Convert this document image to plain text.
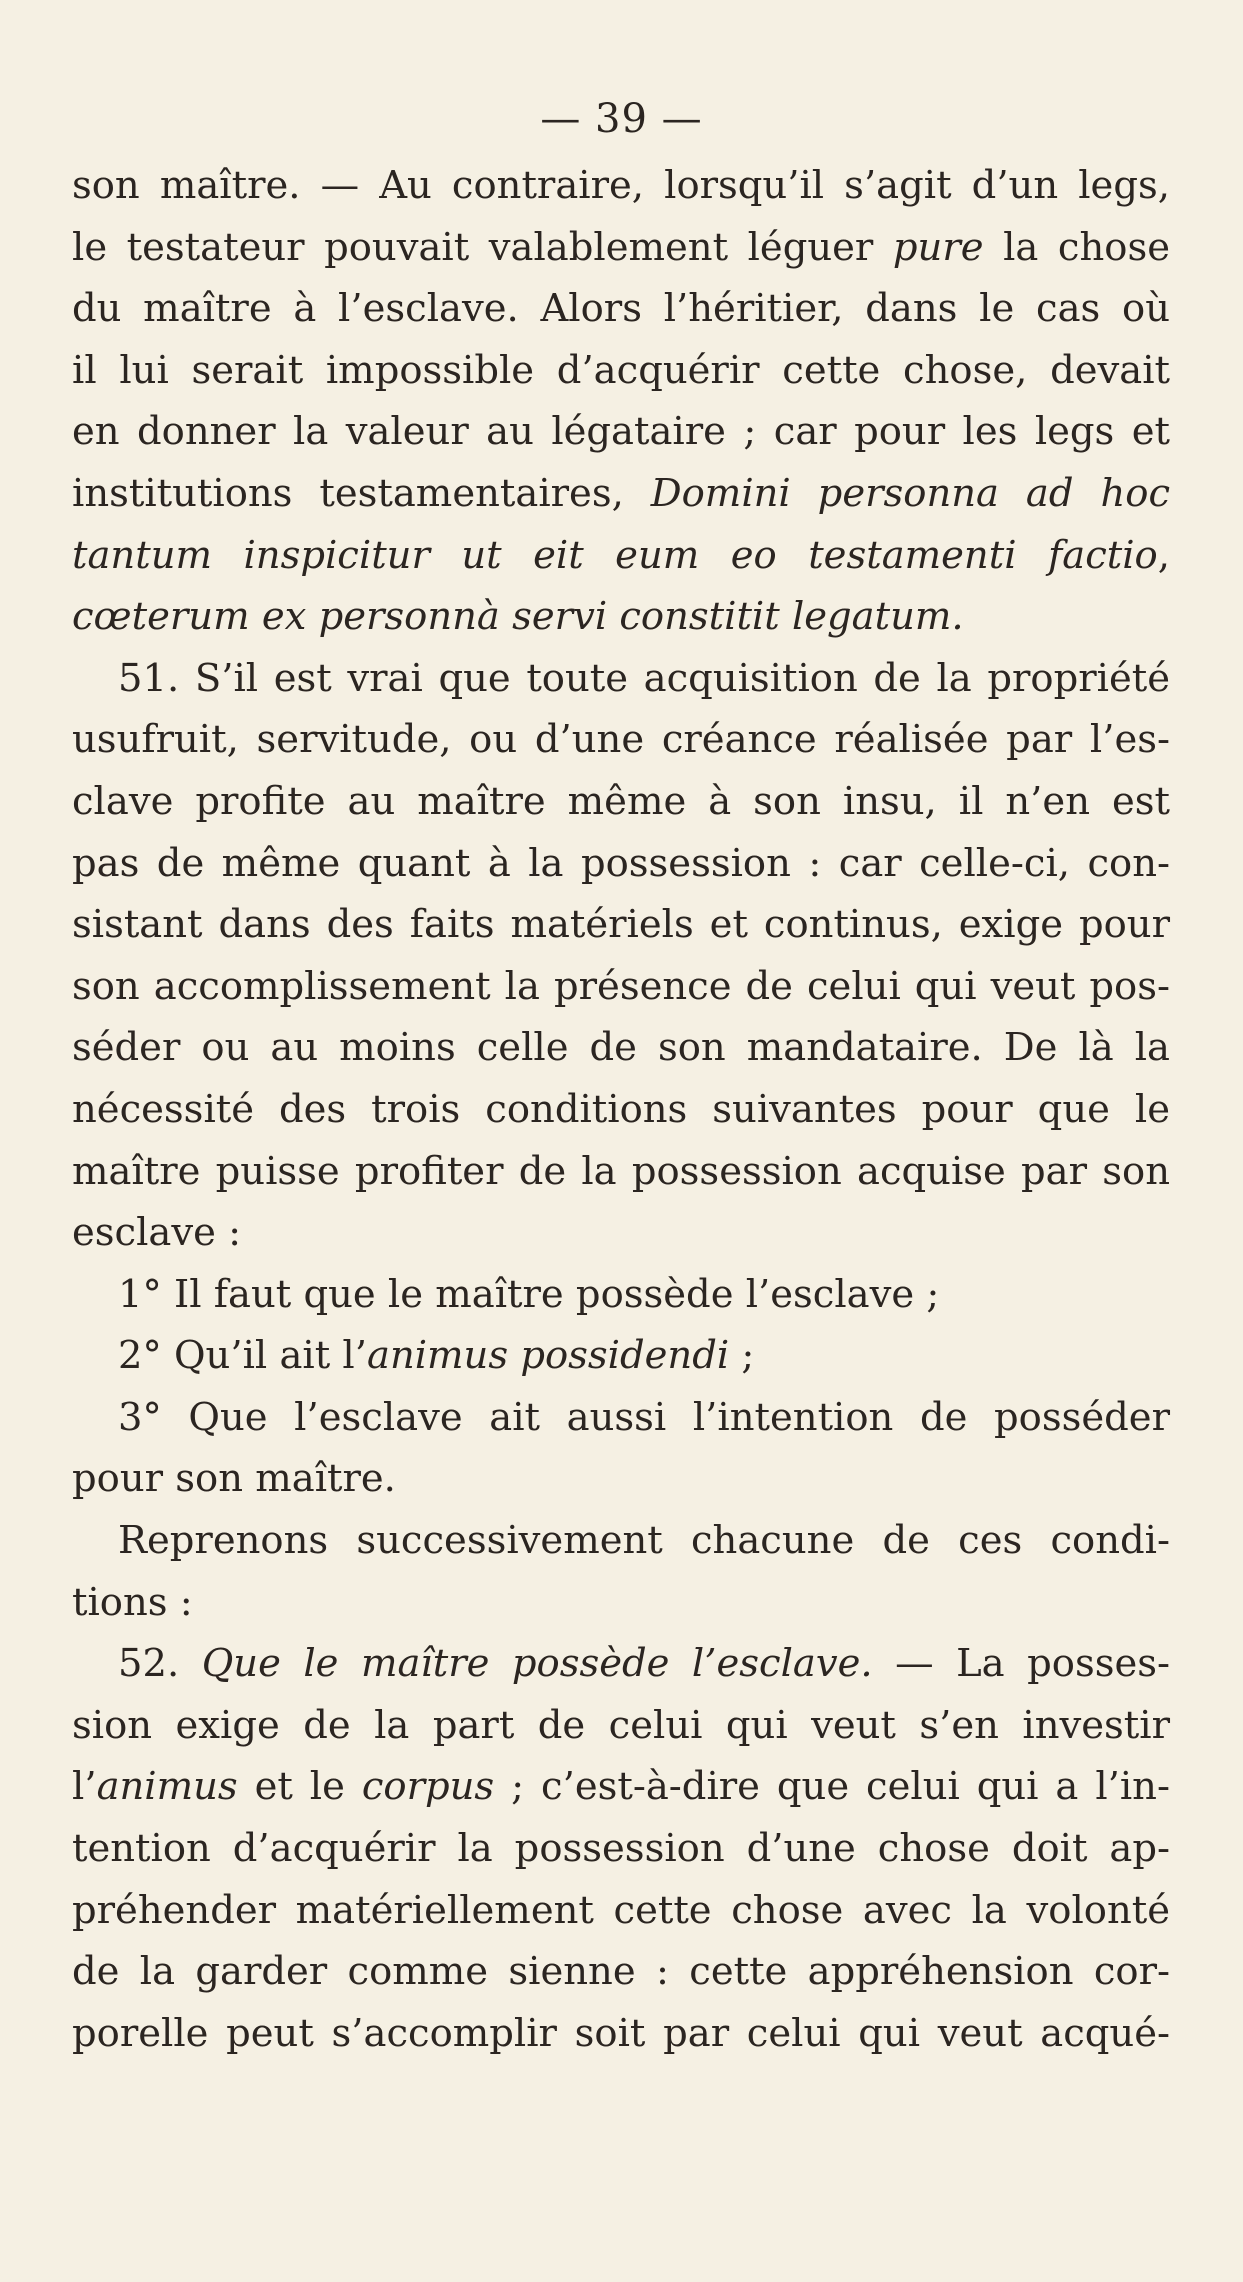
— 39 —
son maître. — Au contraire, lorsqu’il s’agit d’un legs,
le testateur pouvait valablement léguer pure la chose
du maître à l’esclave. Alors l’héritier, dans le cas où
il lui serait impossible d’acquérir cette chose, devait
en donner la valeur au légataire ; car pour les legs et
institutions testamentaires, Domini personna ad hoc
tantum inspicitur ut eit eum eo testamenti factio,
cœterum ex personnà servi constitit legatum.
51. S’il est vrai que toute acquisition de la propriété
usufruit, servitude, ou d’une créance réalisée par l’es-
clave profite au maître même à son insu, il n’en est
pas de même quant à la possession : car celle-ci, con-
sistant dans des faits matériels et continus, exige pour
son accomplissement la présence de celui qui veut pos-
séder ou au moins celle de son mandataire. De là la
nécessité des trois conditions suivantes pour que le
maître puisse profiter de la possession acquise par son
esclave :
1° Il faut que le maître possède l’esclave ;
2° Qu’il ait l’animus possidendi ;
3° Que l’esclave ait aussi l’intention de posséder
pour son maître.
Reprenons successivement chacune de ces condi-
tions :
52. Que le maître possède l’esclave. — La posses-
sion exige de la part de celui qui veut s’en investir
l’animus et le corpus ; c’est-à-dire que celui qui a l’in-
tention d’acquérir la possession d’une chose doit ap-
préhender matériellement cette chose avec la volonté
de la garder comme sienne : cette appréhension cor-
porelle peut s’accomplir soit par celui qui veut acqué-
